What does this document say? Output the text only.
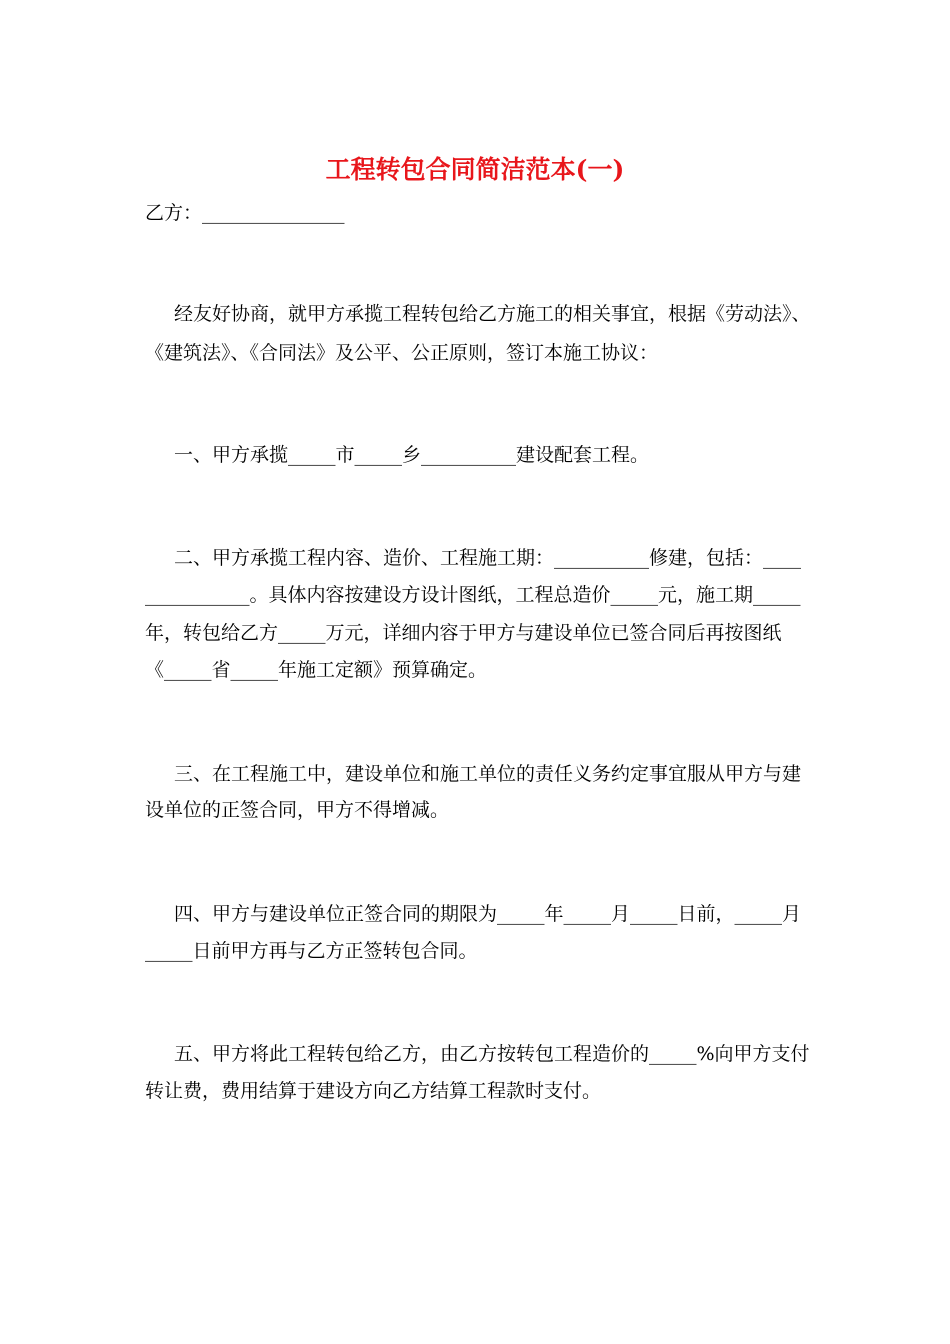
工程转包合同简洁范本(一)
乙方：_______________
经友好协商，就甲方承揽工程转包给乙方施工的相关事宜，根据《劳动法》、
《建筑法》、《合同法》及公平、公正原则，签订本施工协议：
一、甲方承揽_____市_____乡__________建设配套工程。
二、甲方承揽工程内容、造价、工程施工期：__________修建，包括：____
___________。具体内容按建设方设计图纸，工程总造价_____元，施工期_____
年，转包给乙方_____万元，详细内容于甲方与建设单位已签合同后再按图纸
《_____省_____年施工定额》预算确定。
三、在工程施工中，建设单位和施工单位的责任义务约定事宜服从甲方与建
设单位的正签合同，甲方不得增减。
四、甲方与建设单位正签合同的期限为_____年_____月_____日前，_____月
_____日前甲方再与乙方正签转包合同。
五、甲方将此工程转包给乙方，由乙方按转包工程造价的_____%向甲方支付
转让费，费用结算于建设方向乙方结算工程款时支付。
